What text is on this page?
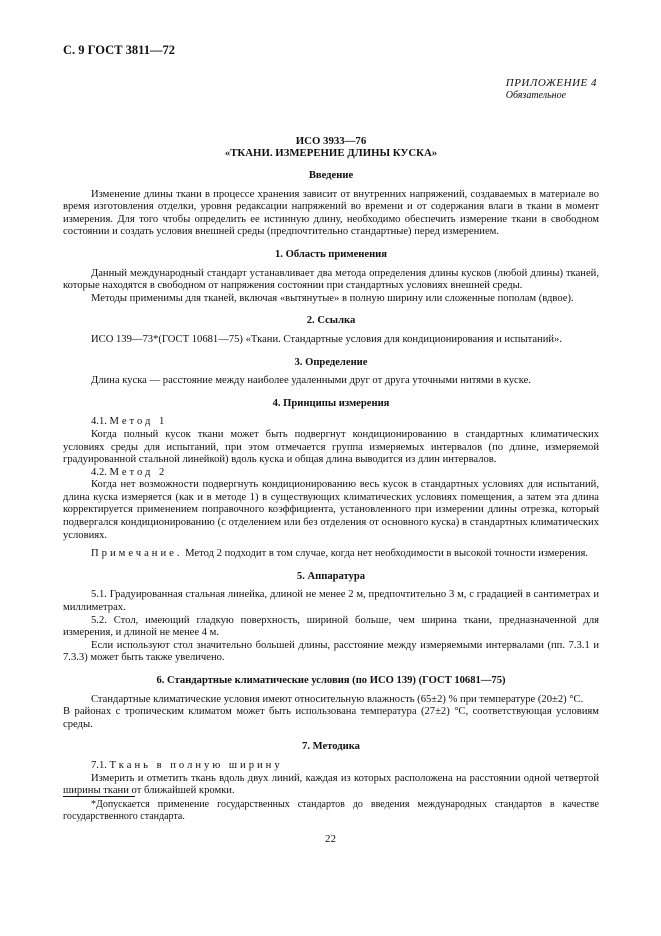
С. 9 ГОСТ 3811—72
ПРИЛОЖЕНИЕ 4
Обязательное
ИСО 3933—76
«ТКАНИ. ИЗМЕРЕНИЕ ДЛИНЫ КУСКА»
Введение

Изменение длины ткани в процессе хранения зависит от внутренних напряжений, создаваемых в материале во время изготовления отделки, уровня редаксации напряжений во времени и от содержания влаги в ткани в момент измерения. Для того чтобы определить ее истинную длину, необходимо обеспечить измерение ткани в свободном состоянии и создать условия внешней среды (предпочтительно стандартные) перед измерением.

1. Область применения

Данный международный стандарт устанавливает два метода определения длины кусков (любой длины) тканей, которые находятся в свободном от напряжения состоянии при стандартных условиях внешней среды.

Методы применимы для тканей, включая «вытянутые» в полную ширину или сложенные пополам (вдвое).

2. Ссылка

ИСО 139—73*(ГОСТ 10681—75) «Ткани. Стандартные условия для кондиционирования и испытаний».

3. Определение

Длина куска — расстояние между наиболее удаленными друг от друга уточными нитями в куске.

4. Принципы измерения

4.1. Метод 1

Когда полный кусок ткани может быть подвергнут кондиционированию в стандартных климатических условиях среды для испытаний, при этом отмечается группа измеряемых интервалов (по длине, измеряемой градуированной стальной линейкой) вдоль куска и общая длина выводится из длин интервалов.

4.2. Метод 2

Когда нет возможности подвергнуть кондиционированию весь кусок в стандартных условиях для испытаний, длина куска измеряется (как и в методе 1) в существующих климатических условиях помещения, а затем эта длина корректируется применением поправочного коэффициента, установленного при измерении длины отрезка, который подвергался кондиционированию (с отделением или без отделения от основного куска) в стандартных климатических условиях.

Примечание. Метод 2 подходит в том случае, когда нет необходимости в высокой точности измерения.

5. Аппаратура

5.1. Градуированная стальная линейка, длиной не менее 2 м, предпочтительно 3 м, с градацией в сантиметрах и миллиметрах.

5.2. Стол, имеющий гладкую поверхность, шириной больше, чем ширина ткани, предназначенной для измерения, и длиной не менее 4 м.

Если используют стол значительно большей длины, расстояние между измеряемыми интервалами (пп. 7.3.1 и 7.3.3) может быть также увеличено.

6. Стандартные климатические условия (по ИСО 139) (ГОСТ 10681—75)

Стандартные климатические условия имеют относительную влажность (65±2) % при температуре (20±2) °С.

В районах с тропическим климатом может быть использована температура (27±2) °С, соответствующая условиям среды.

7. Методика

7.1. Ткань в полную ширину

Измерить и отметить ткань вдоль двух линий, каждая из которых расположена на расстоянии одной четвертой ширины ткани от ближайшей кромки.

*Допускается применение государственных стандартов до введения международных стандартов в качестве государственного стандарта.
22
